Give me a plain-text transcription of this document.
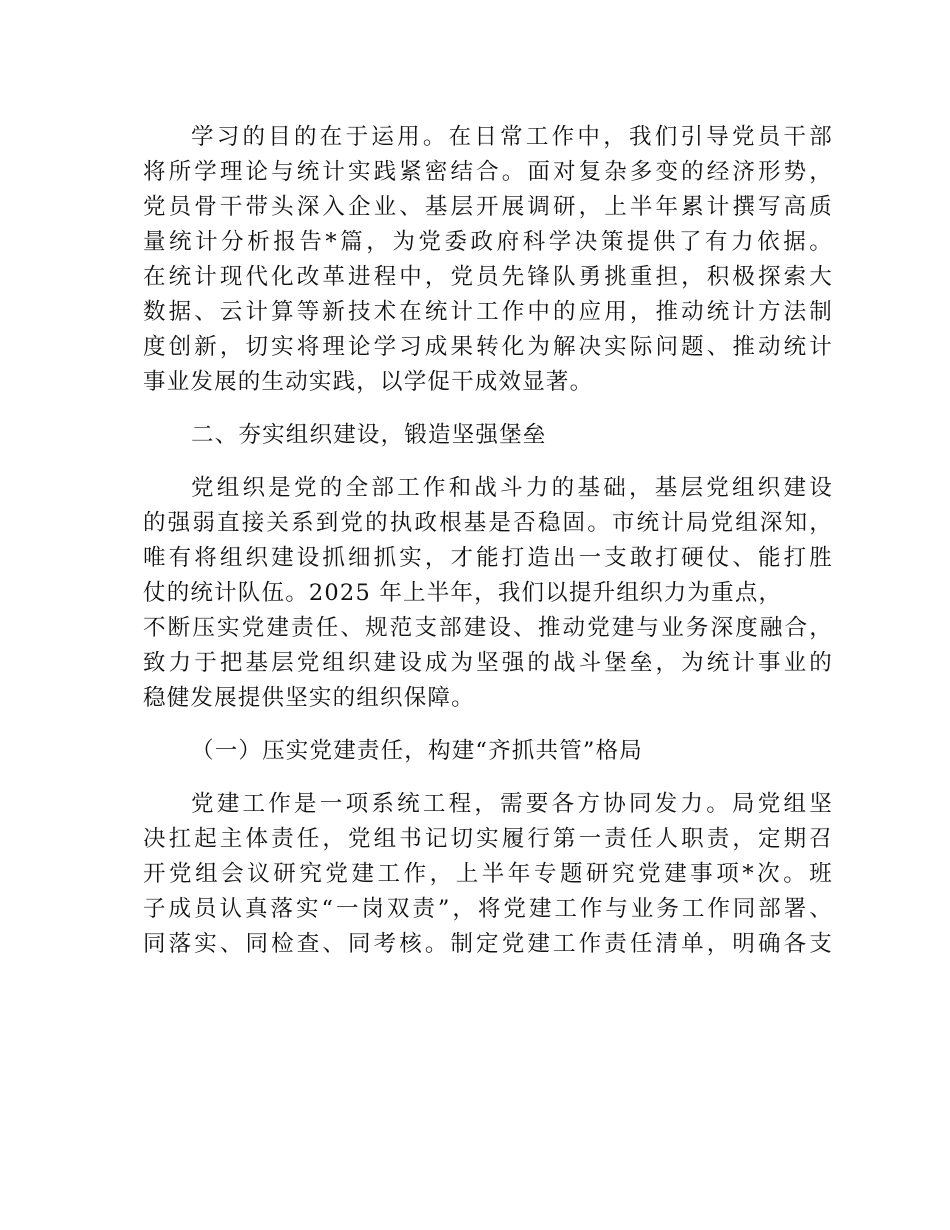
学习的目的在于运用。在日常工作中，我们引导党员干部
将所学理论与统计实践紧密结合。面对复杂多变的经济形势，
党员骨干带头深入企业、基层开展调研，上半年累计撰写高质
量统计分析报告*篇，为党委政府科学决策提供了有力依据。
在统计现代化改革进程中，党员先锋队勇挑重担，积极探索大
数据、云计算等新技术在统计工作中的应用，推动统计方法制
度创新，切实将理论学习成果转化为解决实际问题、推动统计
事业发展的生动实践，以学促干成效显著。
二、夯实组织建设，锻造坚强堡垒
党组织是党的全部工作和战斗力的基础，基层党组织建设
的强弱直接关系到党的执政根基是否稳固。市统计局党组深知，
唯有将组织建设抓细抓实，才能打造出一支敢打硬仗、能打胜
仗的统计队伍。2025 年上半年，我们以提升组织力为重点，
不断压实党建责任、规范支部建设、推动党建与业务深度融合，
致力于把基层党组织建设成为坚强的战斗堡垒，为统计事业的
稳健发展提供坚实的组织保障。
（一）压实党建责任，构建“齐抓共管”格局
党建工作是一项系统工程，需要各方协同发力。局党组坚
决扛起主体责任，党组书记切实履行第一责任人职责，定期召
开党组会议研究党建工作，上半年专题研究党建事项*次。班
子成员认真落实“一岗双责”，将党建工作与业务工作同部署、
同落实、同检查、同考核。制定党建工作责任清单，明确各支
